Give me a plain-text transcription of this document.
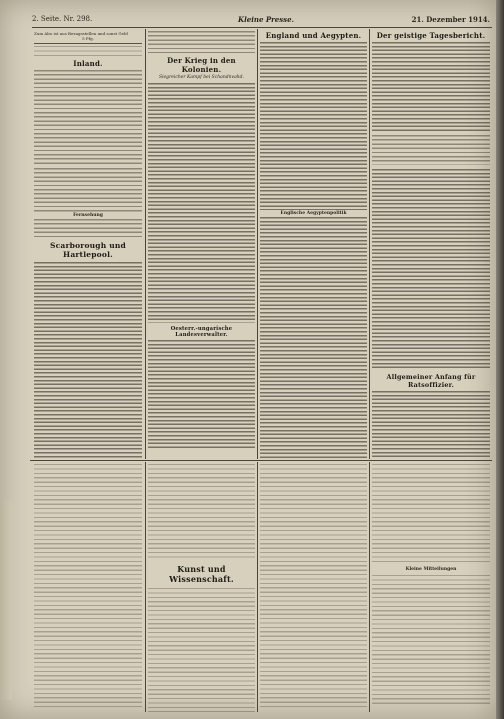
2. Seite. Nr. 298.	Kleine Presse.	21. Dezember 1914.
Zum Abo ist aus Bezugsstellen und sonst Geld
5 Pfg.
Inland.
Fernsehung
Scarborough und Hartlepool.
Der Krieg in den Kolonien.
Siegreicher Kampf bei Schandnvahd.
Oesterr.-ungarische Landesverwalter.
England und Aegypten.
Englische Aegyptenpolitik
Der geistige Tagesbericht.
Allgemeiner Anfang für Ratsoffizier.
Kunst und Wissenschaft.
Kleine Mitteilungen
